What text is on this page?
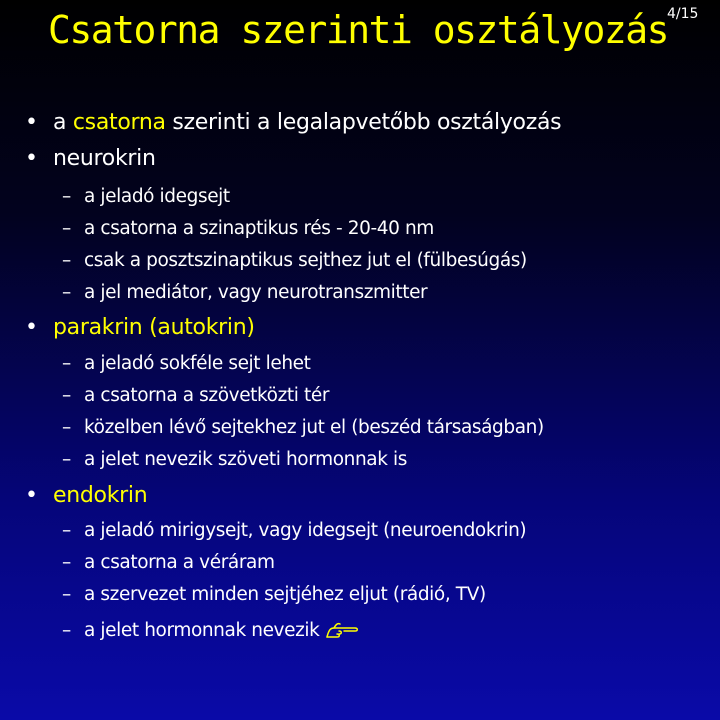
Csatorna szerinti osztályozás 4/15
• a csatorna szerinti a legalapvetőbb osztályozás
• neurokrin
– a jeladó idegsejt
– a csatorna a szinaptikus rés - 20-40 nm
– csak a posztszinaptikus sejthez jut el (fülbesúgás)
– a jel mediátor, vagy neurotranszmitter
• parakrin (autokrin)
– a jeladó sokféle sejt lehet
– a csatorna a szövetközti tér
– közelben lévő sejtekhez jut el (beszéd társaságban)
– a jelet nevezik szöveti hormonnak is
• endokrin
– a jeladó mirigysejt, vagy idegsejt (neuroendokrin)
– a csatorna a véráram
– a szervezet minden sejtjéhez eljut (rádió, TV)
– a jelet hormonnak nevezik
